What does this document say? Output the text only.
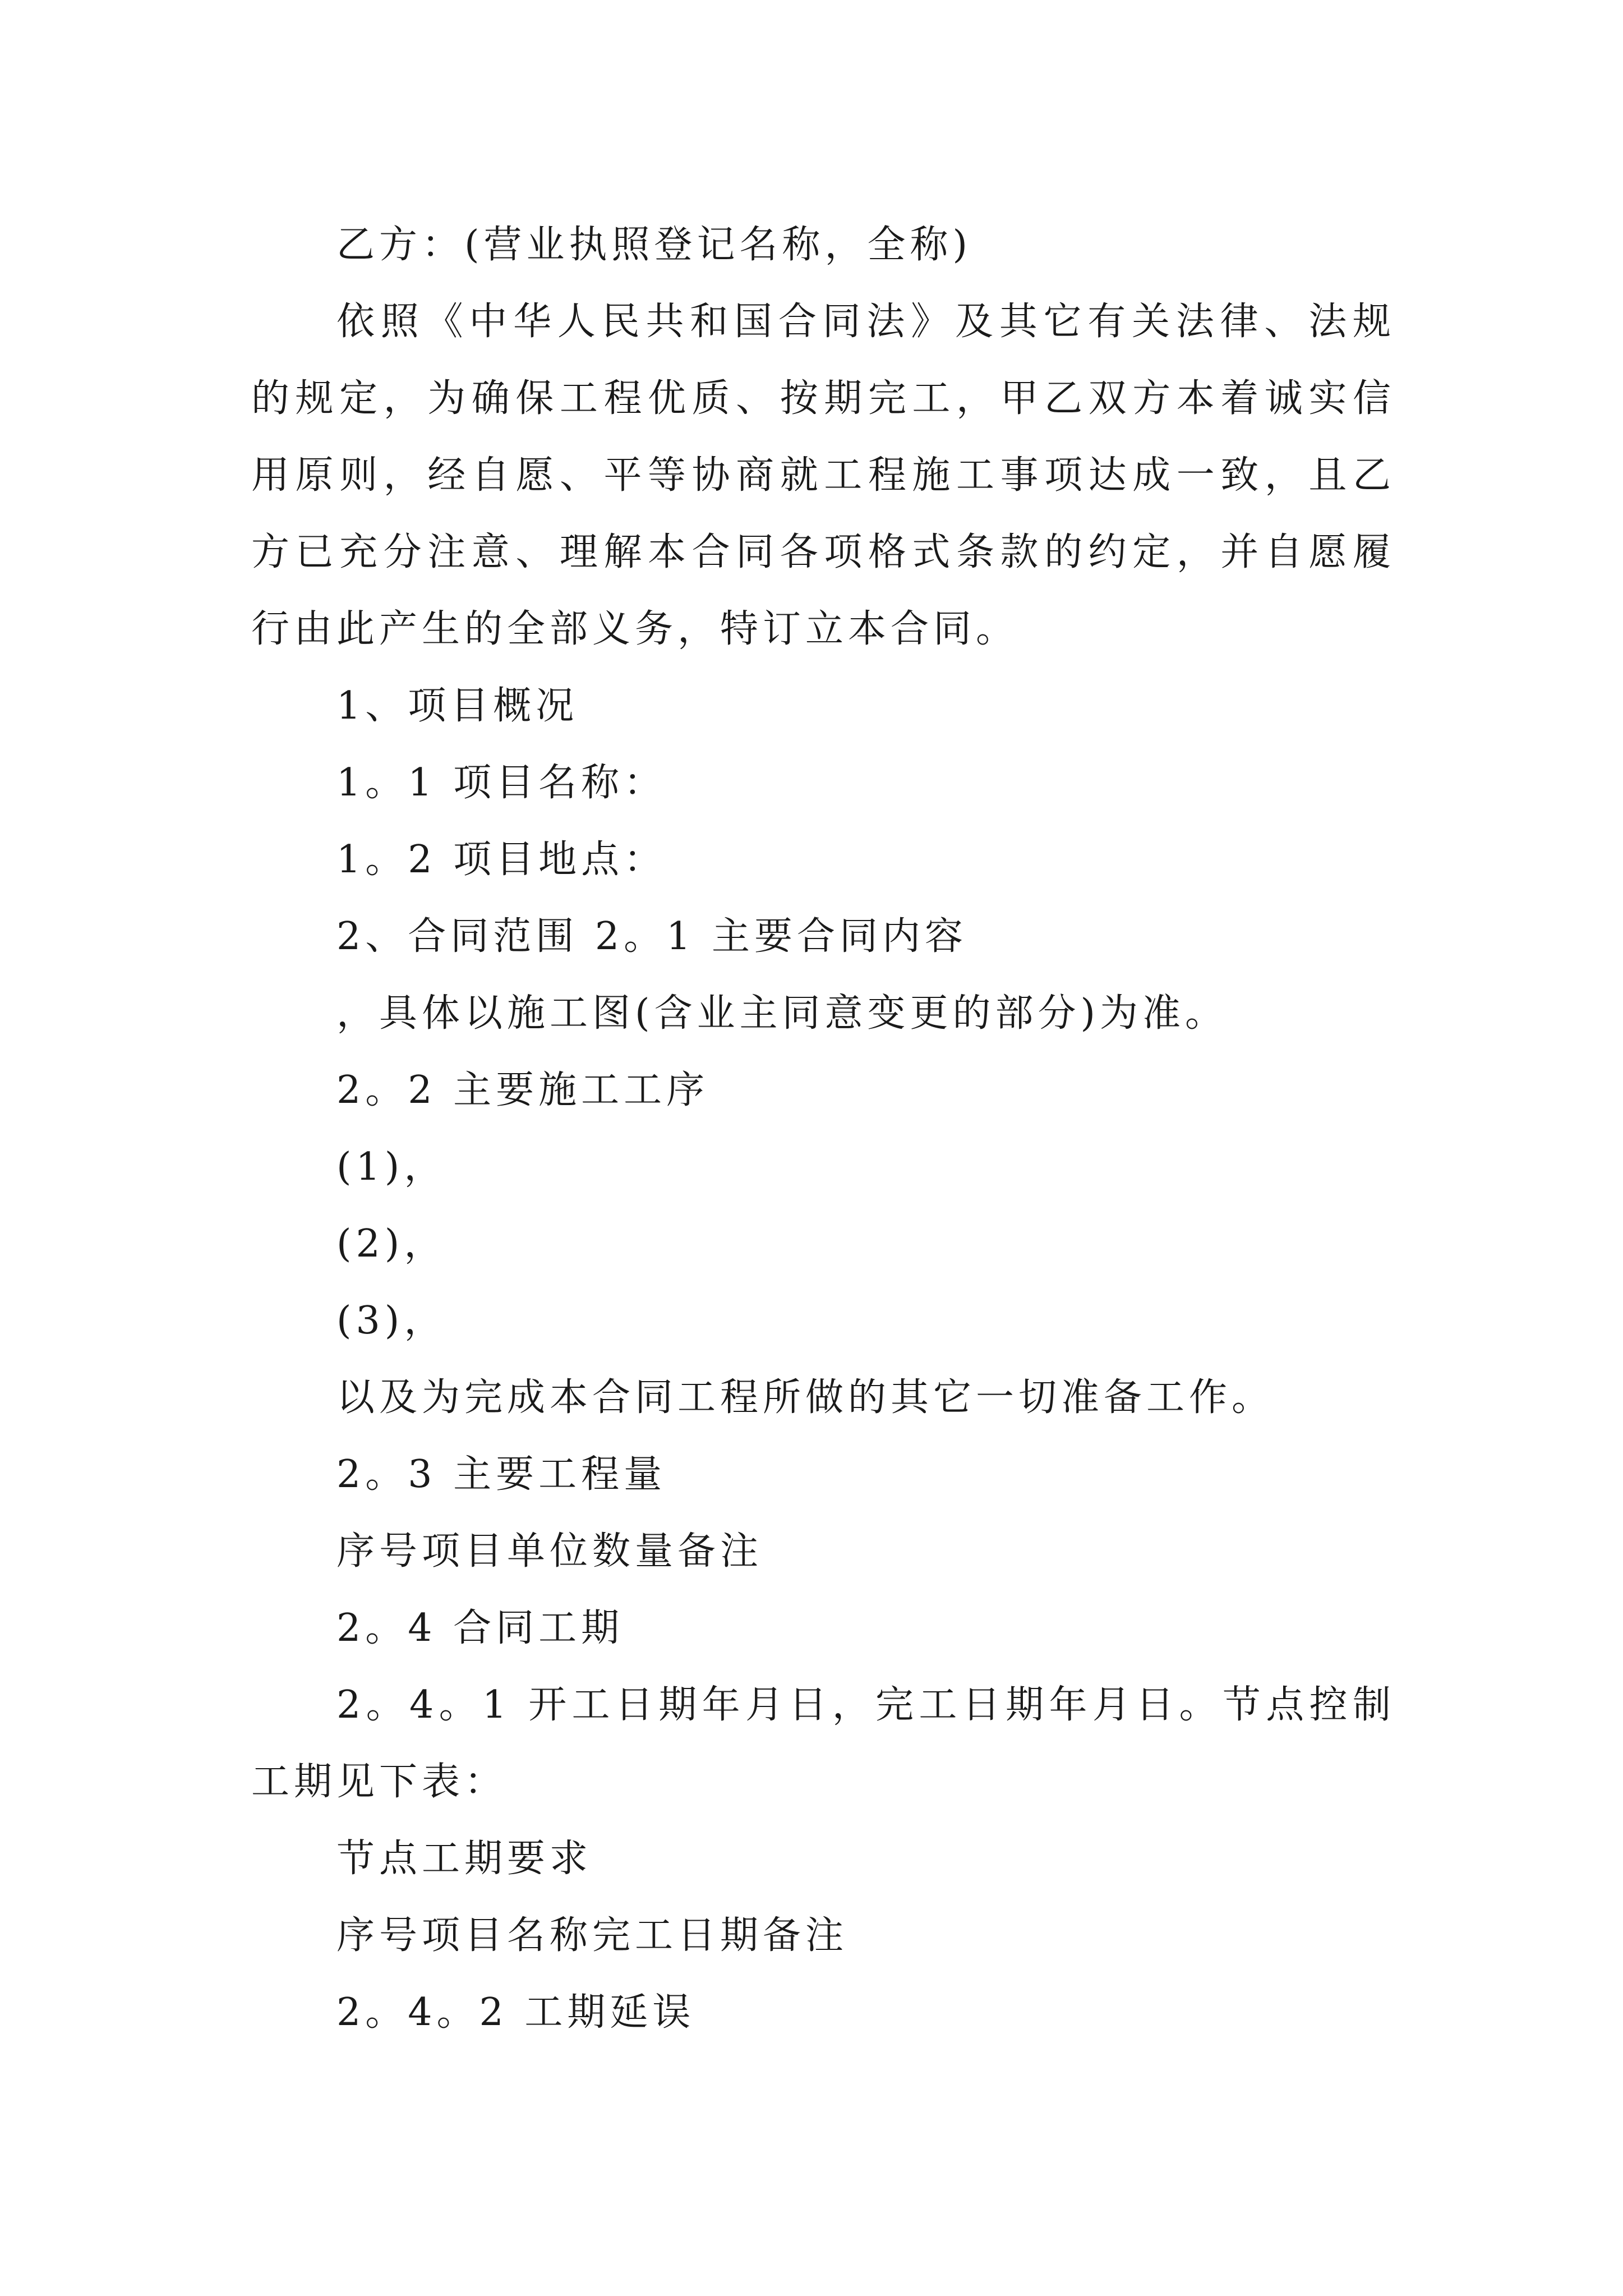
乙方：(营业执照登记名称，全称)

依照《中华人民共和国合同法》及其它有关法律、法规

的规定，为确保工程优质、按期完工，甲乙双方本着诚实信

用原则，经自愿、平等协商就工程施工事项达成一致，且乙

方已充分注意、理解本合同各项格式条款的约定，并自愿履

行由此产生的全部义务，特订立本合同。

1、项目概况

1。1 项目名称：

1。2 项目地点：

2、合同范围 2。1 主要合同内容

，具体以施工图(含业主同意变更的部分)为准。

2。2 主要施工工序

(1)，

(2)，

(3)，

以及为完成本合同工程所做的其它一切准备工作。

2。3 主要工程量

序号项目单位数量备注

2。4 合同工期

2。4。1 开工日期年月日，完工日期年月日。节点控制

工期见下表：

节点工期要求

序号项目名称完工日期备注

2。4。2 工期延误
